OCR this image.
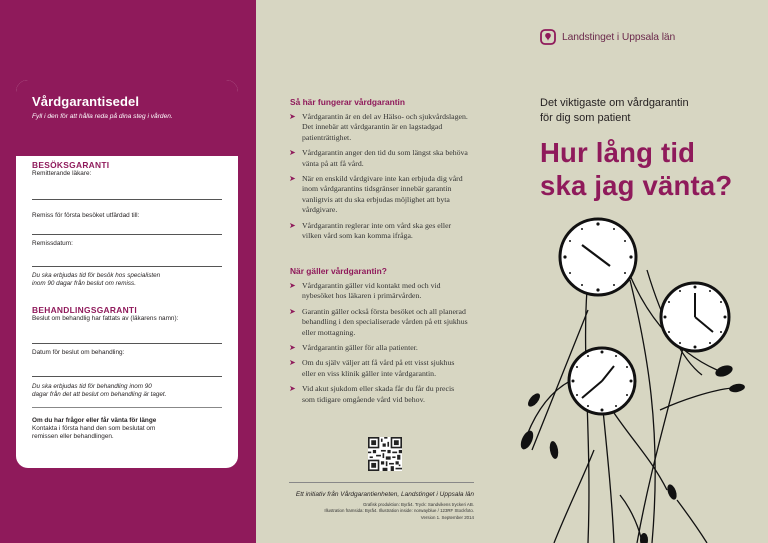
Vårdgarantisedel
Fyll i den för att hålla reda på dina steg i vården.
BESÖKSGARANTI
Remitterande läkare:
Remiss för första besöket utfärdad till:
Remissdatum:
Du ska erbjudas tid för besök hos specialisten
inom 90 dagar från beslut om remiss.
BEHANDLINGSGARANTI
Beslut om behandlig har fattats av (läkarens namn):
Datum för beslut om behandling:
Du ska erbjudas tid för behandling inom 90
dagar från det att beslut om behandling är taget.
Om du har frågor eller får vänta för länge
Kontakta i första hand den som beslutat om
remissen eller behandlingen.
Så här fungerar vårdgarantin
➤ Vårdgarantin är en del av Hälso- och sjukvårdslagen. Det innebär att vårdgarantin är en lagstadgad patienträttighet.
➤ Vårdgarantin anger den tid du som längst ska behöva vänta på att få vård.
➤ När en enskild vårdgivare inte kan erbjuda dig vård inom vårdgarantins tidsgränser innebär garantin vanligtvis att du ska erbjudas möjlighet att byta vårdgivare.
➤ Vårdgarantin reglerar inte om vård ska ges eller vilken vård som kan komma ifråga.
När gäller vårdgarantin?
➤ Vårdgarantin gäller vid kontakt med och vid nybesöket hos läkaren i primärvården.
➤ Garantin gäller också första besöket och all planerad behandling i den specialiserade vården på ett sjukhus eller mottagning.
➤ Vårdgarantin gäller för alla patienter.
➤ Om du själv väljer att få vård på ett visst sjukhus eller en viss klinik gäller inte vårdgarantin.
➤ Vid akut sjukdom eller skada får du får du precis som tidigare omgående vård vid behov.
Ett initiativ från Vårdgarantienheten, Landstinget i Uppsala län
Grafisk produktion: Byrå4. Tryck: Sandvikens tryckeri AB.
Illustration framsida: Byrå4. Illustration inside: norwayblue / 123RF Stockfoto.
Version 1. September 2014
Landstinget i Uppsala län
Det viktigaste om vårdgarantin
för dig som patient
Hur lång tid
ska jag vänta?
